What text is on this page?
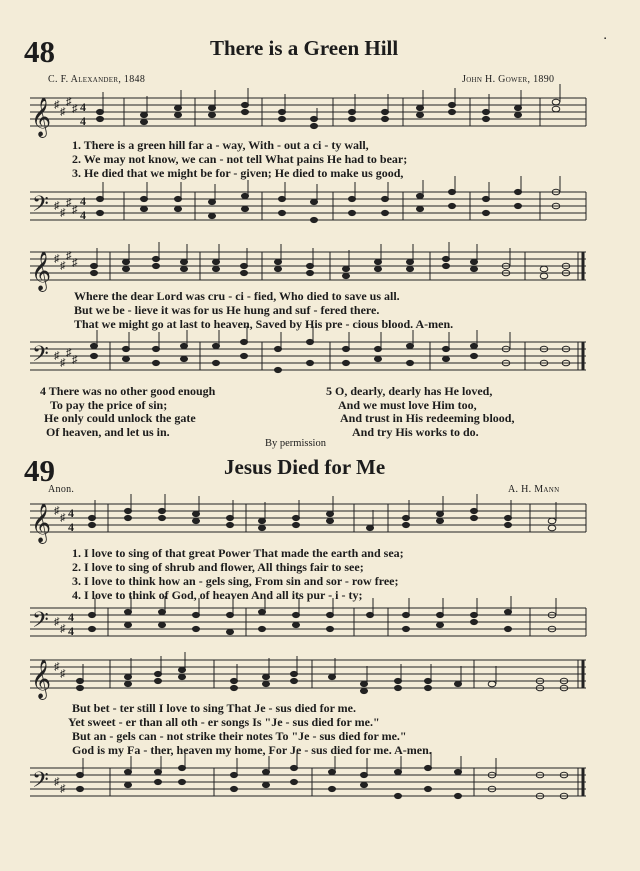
48	There is a Green Hill	▪
C. F. Alexander, 1848	John H. Gower, 1890
𝄞 ♯
♯
♯
♯ 4
4
1. There is a green hill far a - way, With - out a ci - ty wall,
2. We may not know, we can - not tell What pains He had to bear;
3. He died that we might be for - given; He died to make us good,
𝄢 ♯
♯
♯
♯
4
4
𝄞 ♯
♯
♯
♯
Where the dear Lord was cru - ci - fied, Who died to save us all.
But we be - lieve it was for us He hung and suf - fered there.
That we might go at last to heaven, Saved by His pre - cious blood. A-men.
𝄢 ♯
♯
♯
♯
4 There was no other good enough
To pay the price of sin;
He only could unlock the gate
Of heaven, and let us in.
5 O, dearly, dearly has He loved,
And we must love Him too,
And trust in His redeeming blood,
And try His works to do.
By permission
49	Jesus Died for Me
Anon.	A. H. Mann
𝄞 ♯
♯ 4
4
1. I love to sing of that great Power That made the earth and sea;
2. I love to sing of shrub and flower, All things fair to see;
3. I love to think how an - gels sing, From sin and sor - row free;
4. I love to think of God, of heaven And all its pur - i - ty;
𝄢 ♯
♯
4
4
𝄞 ♯
♯
But bet - ter still I love to sing That Je - sus died for me.
Yet sweet - er than all oth - er songs Is "Je - sus died for me."
But an - gels can - not strike their notes To "Je - sus died for me."
God is my Fa - ther, heaven my home, For Je - sus died for me. A-men.
𝄢 ♯
♯
